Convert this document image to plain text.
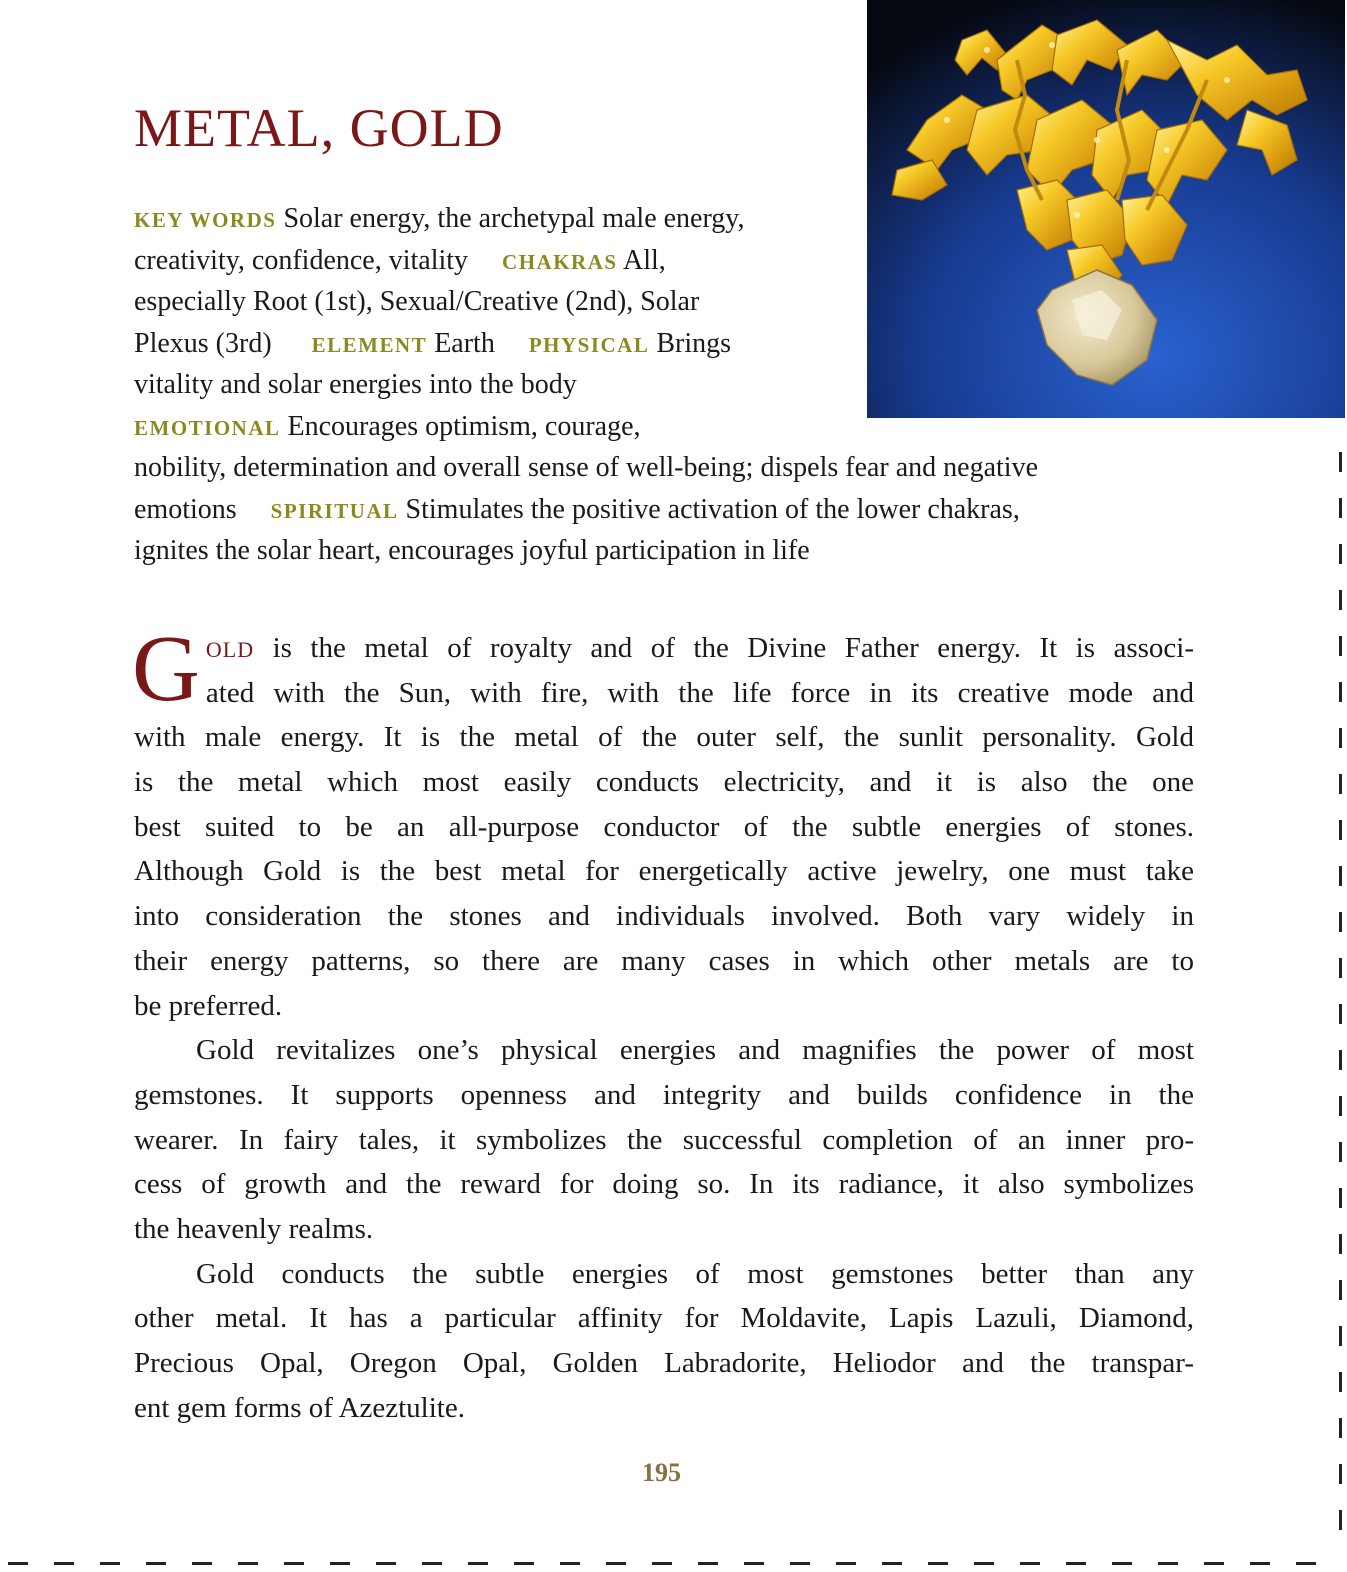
METAL, GOLD
KEY WORDS Solar energy, the archetypal male energy,
creativity, confidence, vitality CHAKRAS All,
especially Root (1st), Sexual/Creative (2nd), Solar
Plexus (3rd) ELEMENT Earth PHYSICAL Brings
vitality and solar energies into the body
EMOTIONAL Encourages optimism, courage,
nobility, determination and overall sense of well-being; dispels fear and negative
emotions SPIRITUAL Stimulates the positive activation of the lower chakras,
ignites the solar heart, encourages joyful participation in life

G OLD is the metal of royalty and of the Divine Father energy. It is associ-
ated with the Sun, with fire, with the life force in its creative mode and
with male energy. It is the metal of the outer self, the sunlit personality. Gold
is the metal which most easily conducts electricity, and it is also the one
best suited to be an all-purpose conductor of the subtle energies of stones.
Although Gold is the best metal for energetically active jewelry, one must take
into consideration the stones and individuals involved. Both vary widely in
their energy patterns, so there are many cases in which other metals are to
be preferred.

Gold revitalizes one’s physical energies and magnifies the power of most
gemstones. It supports openness and integrity and builds confidence in the
wearer. In fairy tales, it symbolizes the successful completion of an inner pro-
cess of growth and the reward for doing so. In its radiance, it also symbolizes
the heavenly realms.

Gold conducts the subtle energies of most gemstones better than any
other metal. It has a particular affinity for Moldavite, Lapis Lazuli, Diamond,
Precious Opal, Oregon Opal, Golden Labradorite, Heliodor and the transpar-
ent gem forms of Azeztulite.

195
